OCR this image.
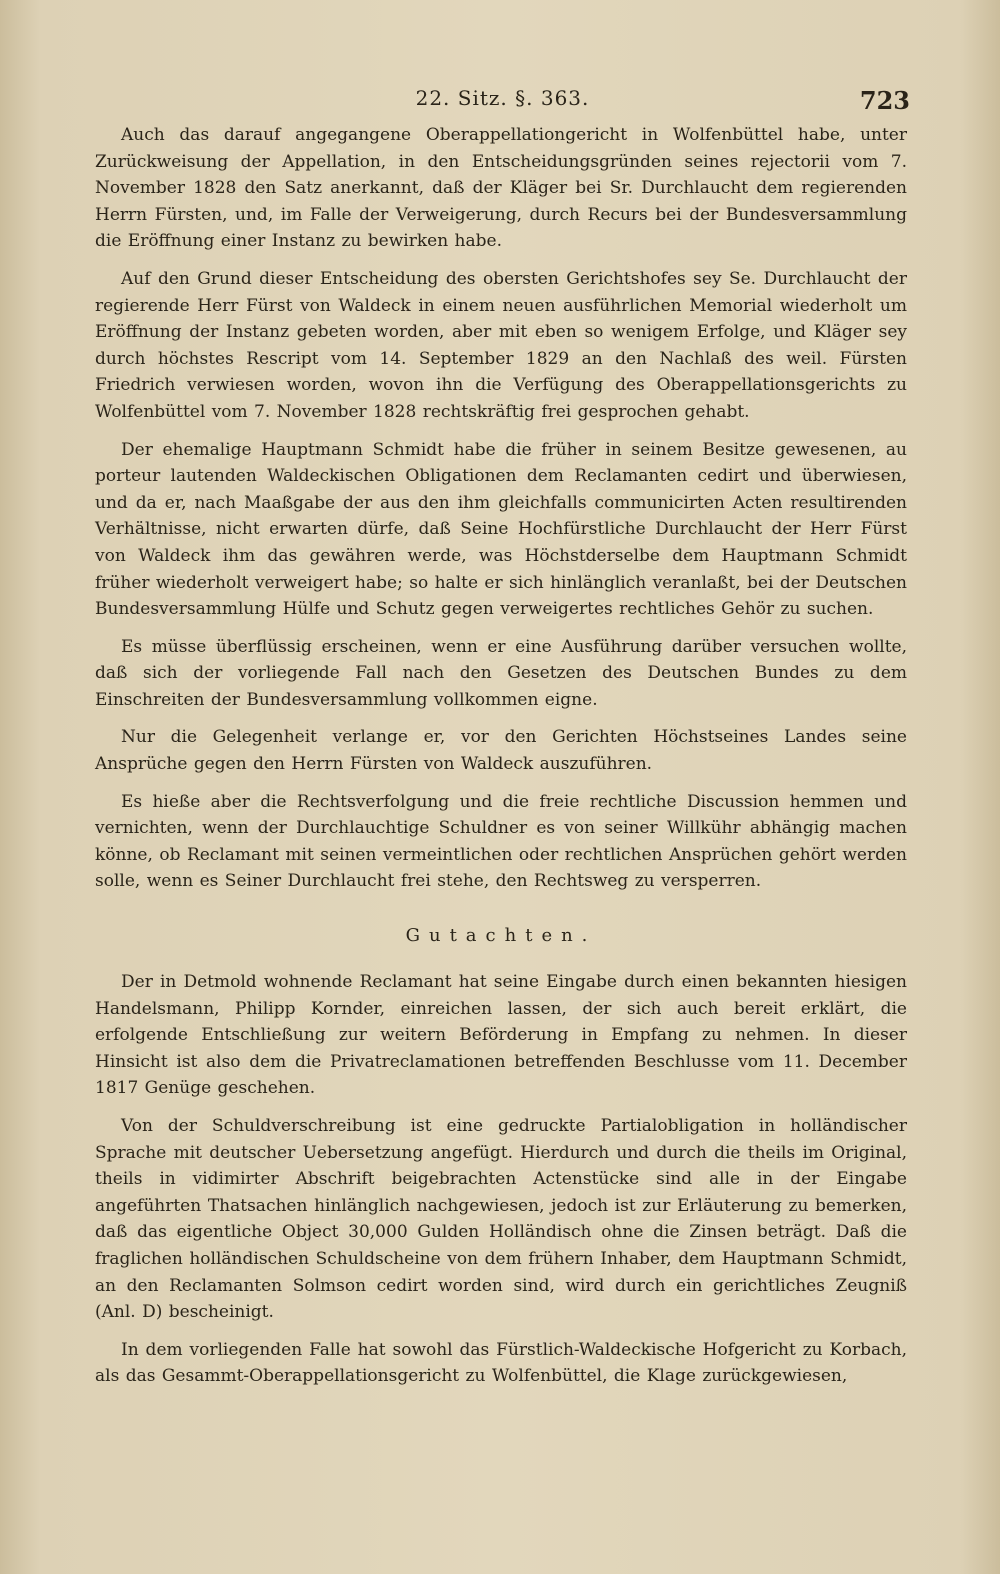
22. Sitz. §. 363.	723

Auch das darauf angegangene Oberappellationgericht in Wolfenbüttel habe, unter Zurückweisung der Appellation, in den Entscheidungsgründen seines rejectorii vom 7. November 1828 den Satz anerkannt, daß der Kläger bei Sr. Durchlaucht dem regierenden Herrn Fürsten, und, im Falle der Verweigerung, durch Recurs bei der Bundesversammlung die Eröffnung einer Instanz zu bewirken habe.

Auf den Grund dieser Entscheidung des obersten Gerichtshofes sey Se. Durchlaucht der regierende Herr Fürst von Waldeck in einem neuen ausführlichen Memorial wiederholt um Eröffnung der Instanz gebeten worden, aber mit eben so wenigem Erfolge, und Kläger sey durch höchstes Rescript vom 14. September 1829 an den Nachlaß des weil. Fürsten Friedrich verwiesen worden, wovon ihn die Verfügung des Oberappellationsgerichts zu Wolfenbüttel vom 7. November 1828 rechtskräftig frei gesprochen gehabt.

Der ehemalige Hauptmann Schmidt habe die früher in seinem Besitze gewesenen, au porteur lautenden Waldeckischen Obligationen dem Reclamanten cedirt und überwiesen, und da er, nach Maaßgabe der aus den ihm gleichfalls communicirten Acten resultirenden Verhältnisse, nicht erwarten dürfe, daß Seine Hochfürstliche Durchlaucht der Herr Fürst von Waldeck ihm das gewähren werde, was Höchstderselbe dem Hauptmann Schmidt früher wiederholt verweigert habe; so halte er sich hinlänglich veranlaßt, bei der Deutschen Bundesversammlung Hülfe und Schutz gegen verweigertes rechtliches Gehör zu suchen.

Es müsse überflüssig erscheinen, wenn er eine Ausführung darüber versuchen wollte, daß sich der vorliegende Fall nach den Gesetzen des Deutschen Bundes zu dem Einschreiten der Bundesversammlung vollkommen eigne.

Nur die Gelegenheit verlange er, vor den Gerichten Höchstseines Landes seine Ansprüche gegen den Herrn Fürsten von Waldeck auszuführen.

Es hieße aber die Rechtsverfolgung und die freie rechtliche Discussion hemmen und vernichten, wenn der Durchlauchtige Schuldner es von seiner Willkühr abhängig machen könne, ob Reclamant mit seinen vermeintlichen oder rechtlichen Ansprüchen gehört werden solle, wenn es Seiner Durchlaucht frei stehe, den Rechtsweg zu versperren.

Gutachten.

Der in Detmold wohnende Reclamant hat seine Eingabe durch einen bekannten hiesigen Handelsmann, Philipp Kornder, einreichen lassen, der sich auch bereit erklärt, die erfolgende Entschließung zur weitern Beförderung in Empfang zu nehmen. In dieser Hinsicht ist also dem die Privatreclamationen betreffenden Beschlusse vom 11. December 1817 Genüge geschehen.

Von der Schuldverschreibung ist eine gedruckte Partialobligation in holländischer Sprache mit deutscher Uebersetzung angefügt. Hierdurch und durch die theils im Original, theils in vidimirter Abschrift beigebrachten Actenstücke sind alle in der Eingabe angeführten Thatsachen hinlänglich nachgewiesen, jedoch ist zur Erläuterung zu bemerken, daß das eigentliche Object 30,000 Gulden Holländisch ohne die Zinsen beträgt. Daß die fraglichen holländischen Schuldscheine von dem frühern Inhaber, dem Hauptmann Schmidt, an den Reclamanten Solmson cedirt worden sind, wird durch ein gerichtliches Zeugniß (Anl. D) bescheinigt.

In dem vorliegenden Falle hat sowohl das Fürstlich-Waldeckische Hofgericht zu Korbach, als das Gesammt-Oberappellationsgericht zu Wolfenbüttel, die Klage zurückgewiesen,
